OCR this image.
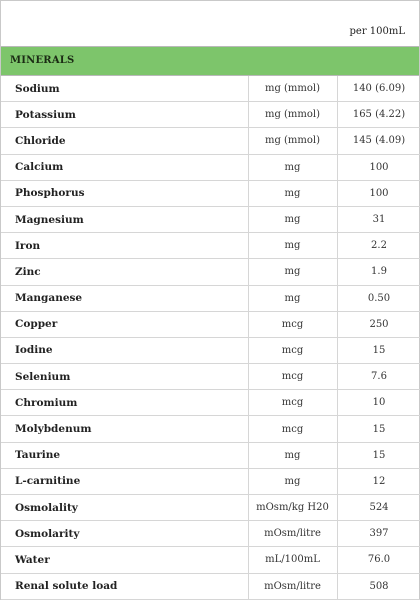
per 100mL
MINERALS
Sodium	mg (mmol)	140 (6.09)
Potassium	mg (mmol)	165 (4.22)
Chloride	mg (mmol)	145 (4.09)
Calcium	mg	100
Phosphorus	mg	100
Magnesium	mg	31
Iron	mg	2.2
Zinc	mg	1.9
Manganese	mg	0.50
Copper	mcg	250
Iodine	mcg	15
Selenium	mcg	7.6
Chromium	mcg	10
Molybdenum	mcg	15
Taurine	mg	15
L-carnitine	mg	12
Osmolality	mOsm/kg H20	524
Osmolarity	mOsm/litre	397
Water	mL/100mL	76.0
Renal solute load	mOsm/litre	508
